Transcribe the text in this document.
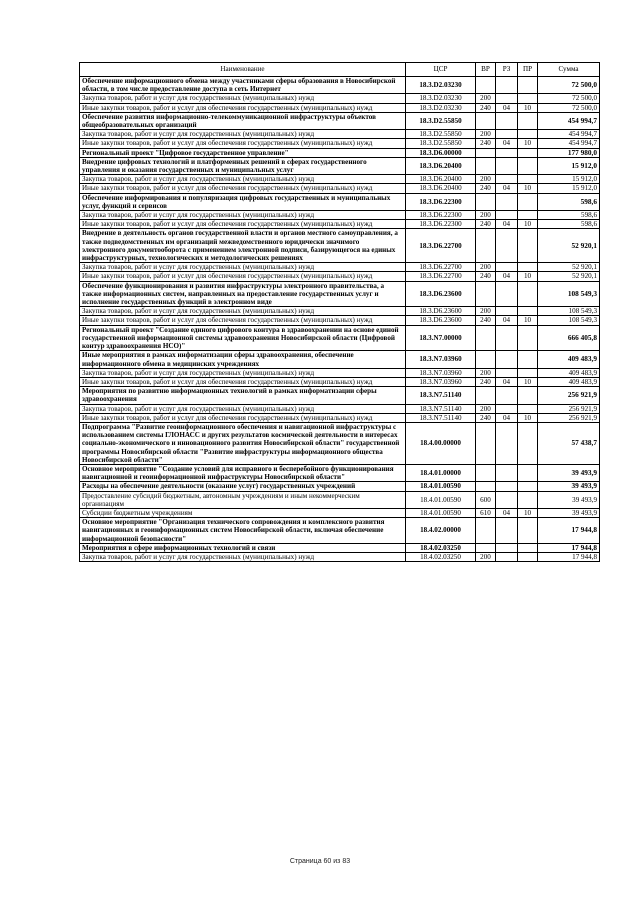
Наименование	ЦСР	ВР	РЗ	ПР	Сумма
Обеспечение информационного обмена между участниками сферы образования в Новосибирской области, в том числе предоставление доступа в сеть Интернет	18.3.D2.03230				72 500,0
Закупка товаров, работ и услуг для государственных (муниципальных) нужд	18.3.D2.03230	200			72 500,0
Иные закупки товаров, работ и услуг для обеспечения государственных (муниципальных) нужд	18.3.D2.03230	240	04	10	72 500,0
Обеспечение развития информационно-телекоммуникационной инфраструктуры объектов общеобразовательных организаций	18.3.D2.55850				454 994,7
Закупка товаров, работ и услуг для государственных (муниципальных) нужд	18.3.D2.55850	200			454 994,7
Иные закупки товаров, работ и услуг для обеспечения государственных (муниципальных) нужд	18.3.D2.55850	240	04	10	454 994,7
Региональный проект "Цифровое государственное управление"	18.3.D6.00000				177 980,0
Внедрение цифровых технологий и платформенных решений в сферах государственного управления и оказания государственных и муниципальных услуг	18.3.D6.20400				15 912,0
Закупка товаров, работ и услуг для государственных (муниципальных) нужд	18.3.D6.20400	200			15 912,0
Иные закупки товаров, работ и услуг для обеспечения государственных (муниципальных) нужд	18.3.D6.20400	240	04	10	15 912,0
Обеспечение информирования и популяризация цифровых государственных и муниципальных услуг, функций и сервисов	18.3.D6.22300				598,6
Закупка товаров, работ и услуг для государственных (муниципальных) нужд	18.3.D6.22300	200			598,6
Иные закупки товаров, работ и услуг для обеспечения государственных (муниципальных) нужд	18.3.D6.22300	240	04	10	598,6
Внедрение в деятельность органов государственной власти и органов местного самоуправления, а также подведомственных им организаций межведомственного юридически значимого электронного документооборота с применением электронной подписи, базирующегося на единых инфраструктурных, технологических и методологических решениях	18.3.D6.22700				52 920,1
Закупка товаров, работ и услуг для государственных (муниципальных) нужд	18.3.D6.22700	200			52 920,1
Иные закупки товаров, работ и услуг для обеспечения государственных (муниципальных) нужд	18.3.D6.22700	240	04	10	52 920,1
Обеспечение функционирования и развития инфраструктуры электронного правительства, а также информационных систем, направленных на предоставление государственных услуг и исполнение государственных функций в электронном виде	18.3.D6.23600				108 549,3
Закупка товаров, работ и услуг для государственных (муниципальных) нужд	18.3.D6.23600	200			108 549,3
Иные закупки товаров, работ и услуг для обеспечения государственных (муниципальных) нужд	18.3.D6.23600	240	04	10	108 549,3
Региональный проект "Создание единого цифрового контура в здравоохранении на основе единой государственной информационной системы здравоохранения Новосибирской области (Цифровой контур здравоохранения НСО)"	18.3.N7.00000				666 405,8
Иные мероприятия в рамках информатизации сферы здравоохранения, обеспечение информационного обмена в медицинских учреждениях	18.3.N7.03960				409 483,9
Закупка товаров, работ и услуг для государственных (муниципальных) нужд	18.3.N7.03960	200			409 483,9
Иные закупки товаров, работ и услуг для обеспечения государственных (муниципальных) нужд	18.3.N7.03960	240	04	10	409 483,9
Мероприятия по развитию информационных технологий в рамках информатизации сферы здравоохранения	18.3.N7.51140				256 921,9
Закупка товаров, работ и услуг для государственных (муниципальных) нужд	18.3.N7.51140	200			256 921,9
Иные закупки товаров, работ и услуг для обеспечения государственных (муниципальных) нужд	18.3.N7.51140	240	04	10	256 921,9
Подпрограмма "Развитие геоинформационного обеспечения и навигационной инфраструктуры с использованием системы ГЛОНАСС и других результатов космической деятельности в интересах социально-экономического и инновационного развития Новосибирской области" государственной программы Новосибирской области "Развитие инфраструктуры информационного общества Новосибирской области"	18.4.00.00000				57 438,7
Основное мероприятие "Создание условий для исправного и бесперебойного функционирования навигационной и геоинформационной инфраструктуры Новосибирской области"	18.4.01.00000				39 493,9
Расходы на обеспечение деятельности (оказание услуг) государственных учреждений	18.4.01.00590				39 493,9
Предоставление субсидий бюджетным, автономным учреждениям и иным некоммерческим организациям	18.4.01.00590	600			39 493,9
Субсидии бюджетным учреждениям	18.4.01.00590	610	04	10	39 493,9
Основное мероприятие "Организация технического сопровождения и комплексного развития навигационных и геоинформационных систем Новосибирской области, включая обеспечение информационной безопасности"	18.4.02.00000				17 944,8
Мероприятия в сфере информационных технологий и связи	18.4.02.03250				17 944,8
Закупка товаров, работ и услуг для государственных (муниципальных) нужд	18.4.02.03250	200			17 944,8
Страница 60 из 83
